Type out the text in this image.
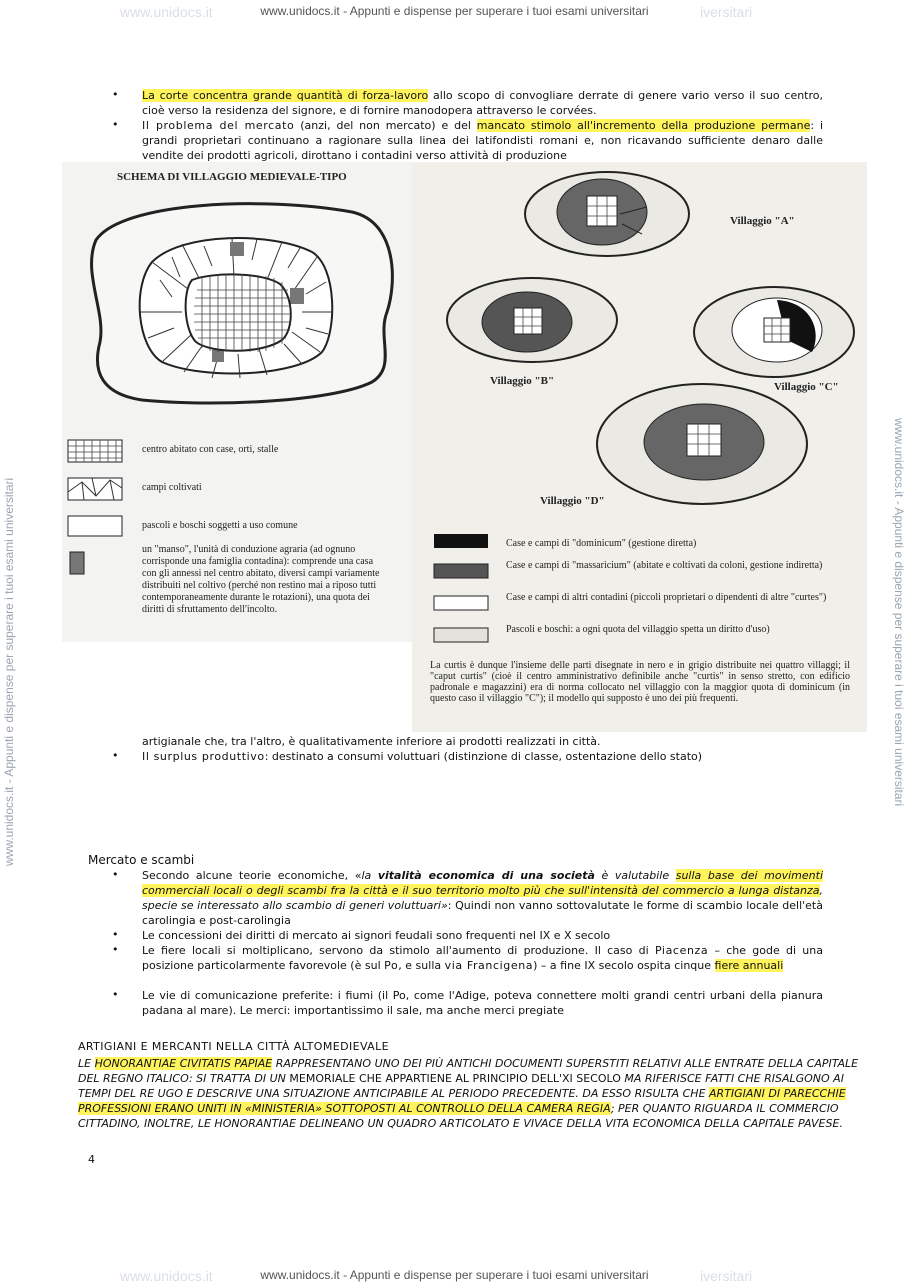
www.unidocs.it	iversitari
www.unidocs.it - Appunti e dispense per superare i tuoi esami universitari
www.unidocs.it	iversitari
www.unidocs.it - Appunti e dispense per superare i tuoi esami universitari
www.unidocs.it - Appunti e dispense per superare i tuoi esami universitari	www.unidocs.it - Appunti e dispense per superare i tuoi esami universitari
• La corte concentra grande quantità di forza-lavoro allo scopo di convogliare derrate di genere vario verso il suo centro, cioè verso la residenza del signore, e di fornire manodopera attraverso le corvées.
• Il problema del mercato (anzi, del non mercato) e del mancato stimolo all'incremento della produzione permane: i grandi proprietari continuano a ragionare sulla linea dei latifondisti romani e, non ricavando sufficiente denaro dalle vendite dei prodotti agricoli, dirottano i contadini verso attività di produzione
SCHEMA DI VILLAGGIO MEDIEVALE-TIPO
centro abitato con case, orti, stalle
campi coltivati
pascoli e boschi soggetti a uso comune
un "manso", l'unità di conduzione agraria (ad ognuno corrisponde una famiglia contadina): comprende una casa con gli annessi nel centro abitato, diversi campi variamente distribuiti nel coltivo (perché non restino mai a riposo tutti contemporaneamente durante le rotazioni), una quota dei diritti di sfruttamento dell'incolto.
Villaggio "A"
Villaggio "B"	Villaggio "C"
Villaggio "D"
Case e campi di "dominicum" (gestione diretta)
Case e campi di "massaricium" (abitate e coltivati da coloni, gestione indiretta)
Case e campi di altri contadini (piccoli proprietari o dipendenti di altre "curtes")
Pascoli e boschi: a ogni quota del villaggio spetta un diritto d'uso)
La curtis è dunque l'insieme delle parti disegnate in nero e in grigio distribuite nei quattro villaggi; il "caput curtis" (cioè il centro amministrativo definibile anche "curtis" in senso stretto, con edificio padronale e magazzini) era di norma collocato nel villaggio con la maggior quota di dominicum (in questo caso il villaggio "C"); il modello qui supposto è uno dei più frequenti.
artigianale che, tra l'altro, è qualitativamente inferiore ai prodotti realizzati in città.
• Il surplus produttivo: destinato a consumi voluttuari (distinzione di classe, ostentazione dello stato)
Mercato e scambi
• Secondo alcune teorie economiche, «la vitalità economica di una società è valutabile sulla base dei movimenti commerciali locali o degli scambi fra la città e il suo territorio molto più che sull'intensità del commercio a lunga distanza, specie se interessato allo scambio di generi voluttuari»: Quindi non vanno sottovalutate le forme di scambio locale dell'età carolingia e post-carolingia
• Le concessioni dei diritti di mercato ai signori feudali sono frequenti nel IX e X secolo
• Le fiere locali si moltiplicano, servono da stimolo all'aumento di produzione. Il caso di Piacenza – che gode di una posizione particolarmente favorevole (è sul Po, e sulla via Francigena) – a fine IX secolo ospita cinque fiere annuali
• Le vie di comunicazione preferite: i fiumi (il Po, come l'Adige, poteva connettere molti grandi centri urbani della pianura padana al mare). Le merci: importantissimo il sale, ma anche merci pregiate
ARTIGIANI E MERCANTI NELLA CITTÀ ALTOMEDIEVALE
LE HONORANTIAE CIVITATIS PAPIAE RAPPRESENTANO UNO DEI PIÙ ANTICHI DOCUMENTI SUPERSTITI RELATIVI ALLE ENTRATE DELLA CAPITALE DEL REGNO ITALICO: SI TRATTA DI UN MEMORIALE CHE APPARTIENE AL PRINCIPIO DELL'XI SECOLO MA RIFERISCE FATTI CHE RISALGONO AI TEMPI DEL RE UGO E DESCRIVE UNA SITUAZIONE ANTICIPABILE AL PERIODO PRECEDENTE. DA ESSO RISULTA CHE ARTIGIANI DI PARECCHIE PROFESSIONI ERANO UNITI IN «MINISTERIA» SOTTOPOSTI AL CONTROLLO DELLA CAMERA REGIA; PER QUANTO RIGUARDA IL COMMERCIO CITTADINO, INOLTRE, LE HONORANTIAE DELINEANO UN QUADRO ARTICOLATO E VIVACE DELLA VITA ECONOMICA DELLA CAPITALE PAVESE.
4
